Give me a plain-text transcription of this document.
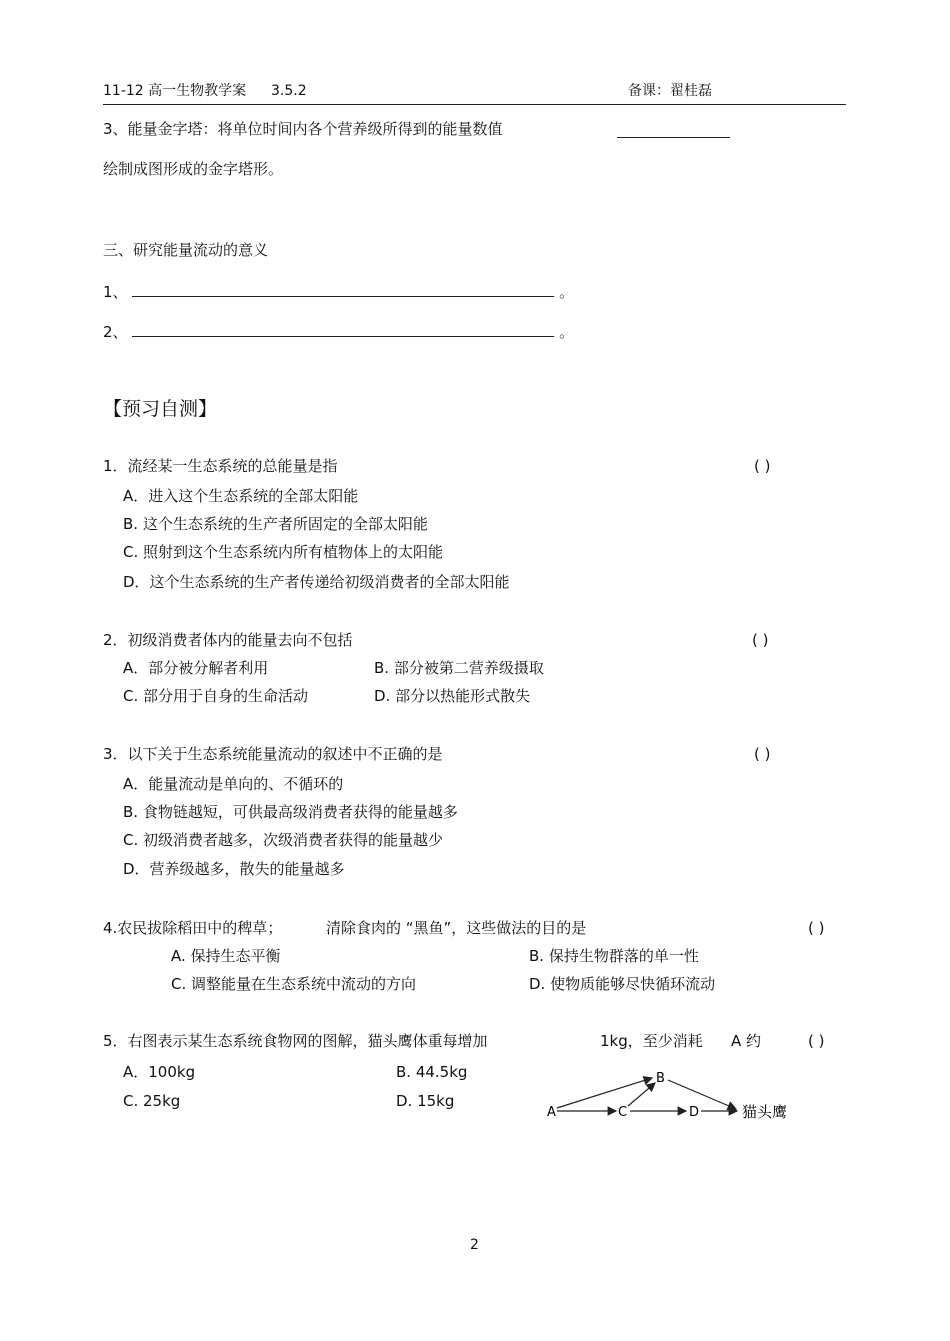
11-12 高一生物教学案 3.5.2	备课：翟桂磊
3、能量金字塔：将单位时间内各个营养级所得到的能量数值
绘制成图形成的金字塔形。
三、研究能量流动的意义
1、	。
2、	。
【预习自测】
1．流经某一生态系统的总能量是指	( )
A．进入这个生态系统的全部太阳能
B. 这个生态系统的生产者所固定的全部太阳能
C. 照射到这个生态系统内所有植物体上的太阳能
D．这个生态系统的生产者传递给初级消费者的全部太阳能
2．初级消费者体内的能量去向不包括	( )
A．部分被分解者利用	B. 部分被第二营养级摄取
C. 部分用于自身的生命活动	D. 部分以热能形式散失
3．以下关于生态系统能量流动的叙述中不正确的是	( )
A．能量流动是单向的、不循环的
B. 食物链越短，可供最高级消费者获得的能量越多
C. 初级消费者越多，次级消费者获得的能量越少
D．营养级越多，散失的能量越多
4.农民拔除稻田中的稗草；	清除食肉的 “黑鱼”，这些做法的目的是	( )
A. 保持生态平衡	B. 保持生物群落的单一性
C. 调整能量在生态系统中流动的方向	D. 使物质能够尽快循环流动
5．右图表示某生态系统食物网的图解，猫头鹰体重每增加	1kg，至少消耗 A 约	( )
A．100kg	B. 44.5kg
C. 25kg	D. 15kg
A
B
C	D	猫头鹰
2
